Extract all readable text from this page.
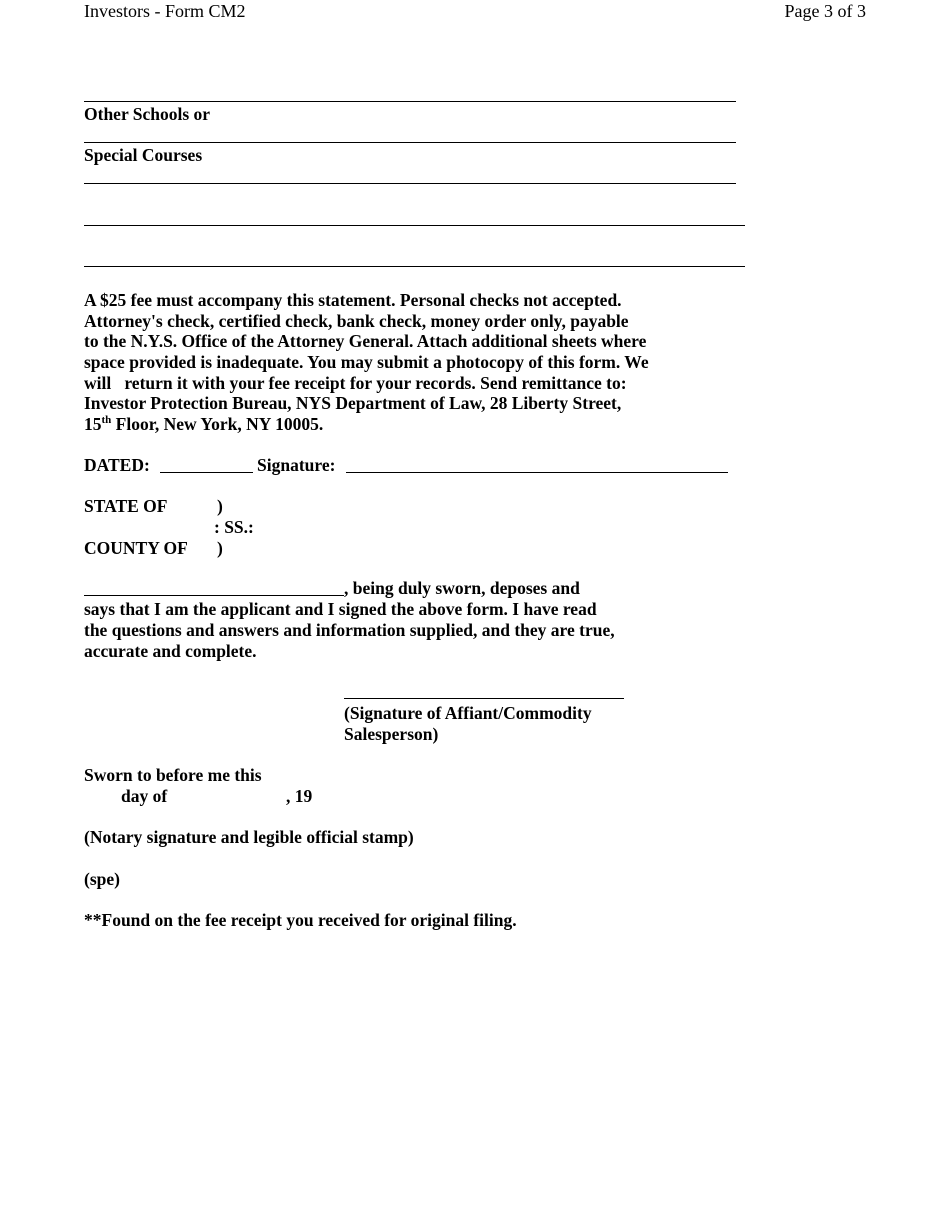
Investors - Form CM2	Page 3 of 3
Other Schools or
Special Courses
A $25 fee must accompany this statement. Personal checks not accepted.
Attorney's check, certified check, bank check, money order only, payable
to the N.Y.S. Office of the Attorney General. Attach additional sheets where
space provided is inadequate. You may submit a photocopy of this form. We
will   return it with your fee receipt for your records. Send remittance to:
Investor Protection Bureau, NYS Department of Law, 28 Liberty Street,
15th Floor, New York, NY 10005.
DATED:	Signature:
STATE OF	)
: SS.:
COUNTY OF )
, being duly sworn, deposes and
says that I am the applicant and I signed the above form. I have read
the questions and answers and information supplied, and they are true,
accurate and complete.
(Signature of Affiant/Commodity
Salesperson)
Sworn to before me this
day of	, 19
(Notary signature and legible official stamp)
(spe)
**Found on the fee receipt you received for original filing.
